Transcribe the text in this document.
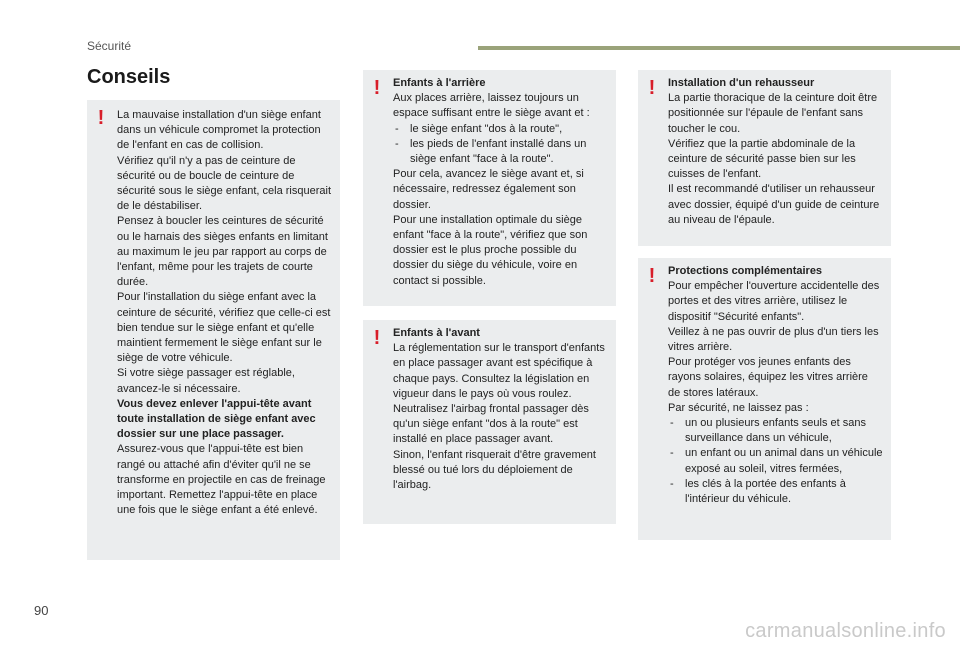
Sécurité
Conseils
!	La mauvaise installation d'un siège enfant dans un véhicule compromet la protection de l'enfant en cas de collision.
Vérifiez qu'il n'y a pas de ceinture de sécurité ou de boucle de ceinture de sécurité sous le siège enfant, cela risquerait de le déstabiliser.
Pensez à boucler les ceintures de sécurité ou le harnais des sièges enfants en limitant au maximum le jeu par rapport au corps de l'enfant, même pour les trajets de courte durée.
Pour l'installation du siège enfant avec la ceinture de sécurité, vérifiez que celle-ci est bien tendue sur le siège enfant et qu'elle maintient fermement le siège enfant sur le siège de votre véhicule.
Si votre siège passager est réglable, avancez-le si nécessaire.

Vous devez enlever l'appui-tête avant toute installation de siège enfant avec dossier sur une place passager.

Assurez-vous que l'appui-tête est bien rangé ou attaché afin d'éviter qu'il ne se transforme en projectile en cas de freinage important. Remettez l'appui-tête en place une fois que le siège enfant a été enlevé.

!	Enfants à l'arrière

Aux places arrière, laissez toujours un espace suffisant entre le siège avant et :

- le siège enfant "dos à la route",
- les pieds de l'enfant installé dans un siège enfant "face à la route".

Pour cela, avancez le siège avant et, si nécessaire, redressez également son dossier.
Pour une installation optimale du siège enfant "face à la route", vérifiez que son dossier est le plus proche possible du dossier du siège du véhicule, voire en contact si possible.

!	Enfants à l'avant

La réglementation sur le transport d'enfants en place passager avant est spécifique à chaque pays. Consultez la législation en vigueur dans le pays où vous roulez.
Neutralisez l'airbag frontal passager dès qu'un siège enfant "dos à la route" est installé en place passager avant.
Sinon, l'enfant risquerait d'être gravement blessé ou tué lors du déploiement de l'airbag.

!	Installation d'un rehausseur

La partie thoracique de la ceinture doit être positionnée sur l'épaule de l'enfant sans toucher le cou.
Vérifiez que la partie abdominale de la ceinture de sécurité passe bien sur les cuisses de l'enfant.
Il est recommandé d'utiliser un rehausseur avec dossier, équipé d'un guide de ceinture au niveau de l'épaule.

!	Protections complémentaires

Pour empêcher l'ouverture accidentelle des portes et des vitres arrière, utilisez le dispositif "Sécurité enfants".
Veillez à ne pas ouvrir de plus d'un tiers les vitres arrière.
Pour protéger vos jeunes enfants des rayons solaires, équipez les vitres arrière de stores latéraux.
Par sécurité, ne laissez pas :

- un ou plusieurs enfants seuls et sans surveillance dans un véhicule,
- un enfant ou un animal dans un véhicule exposé au soleil, vitres fermées,
- les clés à la portée des enfants à l'intérieur du véhicule.
90
carmanualsonline.info
